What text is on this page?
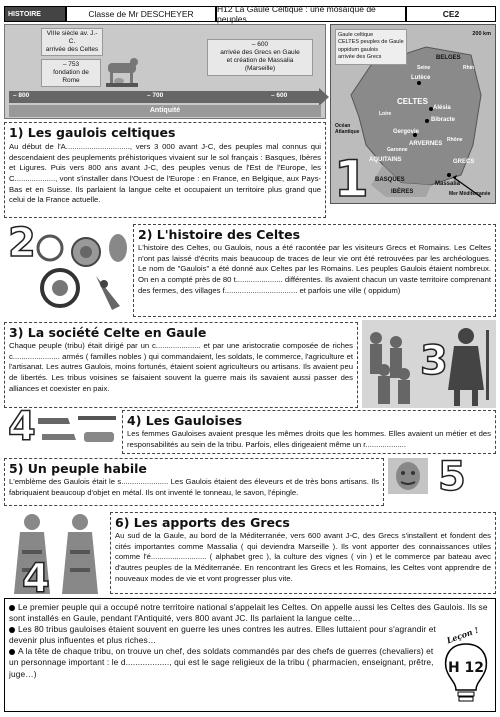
HISTOIRE	Classe de Mr DESCHEYER	H12 La Gaule Celtique : une mosaïque de peuples	CE2
VIIIe siècle av. J.-C.
arrivée des Celtes
– 753
fondation de Rome
– 600
arrivée des Grecs en Gaule
et création de Massalia
(Marseille)
– 800	– 700	– 600
Antiquité
Gaule celtique
CELTES peuples de Gaule
oppidum gaulois
arrivée des Grecs
200 km
BELGES
Lutèce
CELTES
Alésia
Bibracte
Gergovie
ARVERNES
AQUITAINS
BASQUES
IBÈRES
GRECS
Massalia
Océan Atlantique
Mer Méditerranée
Rhin
Seine
Loire
Rhône
Garonne
1) Les gaulois celtiques
Au début de l'A.............................., vers 3 000 avant J-C, des peuples mal connus qui descendaient des peuplements préhistoriques vivaient sur le sol français : Basques, Ibères et Ligures. Puis vers 800 ans avant J-C, des peuples venus de l'Est de l'Europe, les C..................., vont s'installer dans l'Ouest de l'Europe : en France, en Belgique, aux Pays-Bas et en Suisse. Ils parlaient la langue celte et occupaient un territoire plus grand que celui de la France actuelle.	1
2	2) L'histoire des Celtes
L'histoire des Celtes, ou Gaulois, nous a été racontée par les visiteurs Grecs et Romains. Les Celtes n'ont pas laissé d'écrits mais beaucoup de traces de leur vie ont été retrouvées par les archéologues. Le nom de "Gaulois" a été donné aux Celtes par les Romains. Les peuples Gaulois étaient nombreux. On en a compté près de 80 t...................... différentes. Ils avaient chacun un vaste territoire comprenant des fermes, des villages f.................................. et parfois une ville ( oppidum)
3) La société Celte en Gaule
Chaque peuple (tribu) était dirigé par un c..................... et par une aristocratie composée de riches c...................... armés ( familles nobles ) qui commandaient, les soldats, le commerce, l'agriculture et l'artisanat. Les autres Gaulois, moins fortunés, étaient soient agriculteurs ou artisans. Ils avaient peu de libertés. Les tribus voisines se faisaient souvent la guerre mais ils savaient aussi passer des alliances et coexister en paix.
3
4	4) Les Gauloises
Les femmes Gauloises avaient presque les mêmes droits que les hommes. Elles avaient un métier et des responsabilités au sein de la tribu. Parfois, elles dirigeaient même un r...................
5) Un peuple habile
L'emblème des Gaulois était le s...................... Les Gaulois étaient des éleveurs et de très bons artisans. Ils fabriquaient beaucoup d'objet en métal. Ils ont inventé le tonneau, le savon, l'épingle.	5
4
6) Les apports des Grecs
Au sud de la Gaule, au bord de la Méditerranée, vers 600 avant J-C, des Grecs s'installent et fondent des cités importantes comme Massalia ( qui deviendra Marseille ). Ils vont apporter des connaissances utiles comme l'é.......................... ( alphabet grec ), la culture des vignes ( vin ) et le commerce par bateau avec d'autres peuples de la Méditerranée. En rencontrant les Grecs et les Romains, les Celtes vont apprendre de nouveaux modes de vie et vont progresser plus vite.

Le premier peuple qui a occupé notre territoire national s'appelait les Celtes. On appelle aussi les Celtes des Gaulois. Ils se sont installés en Gaule, pendant l'Antiquité, vers 800 avant JC. Ils parlaient la langue celte…

Les 80 tribus gauloises étaient souvent en guerre les unes contres les autres. Elles luttaient pour s'agrandir et devenir plus influentes et plus riches…

A la tête de chaque tribu, on trouve un chef, des soldats commandés par des chefs de guerres (chevaliers) et un personnage important : le d.................., qui est le sage religieux de la tribu ( pharmacien, enseignant, prêtre, juge…)

Leçon !
H 12
